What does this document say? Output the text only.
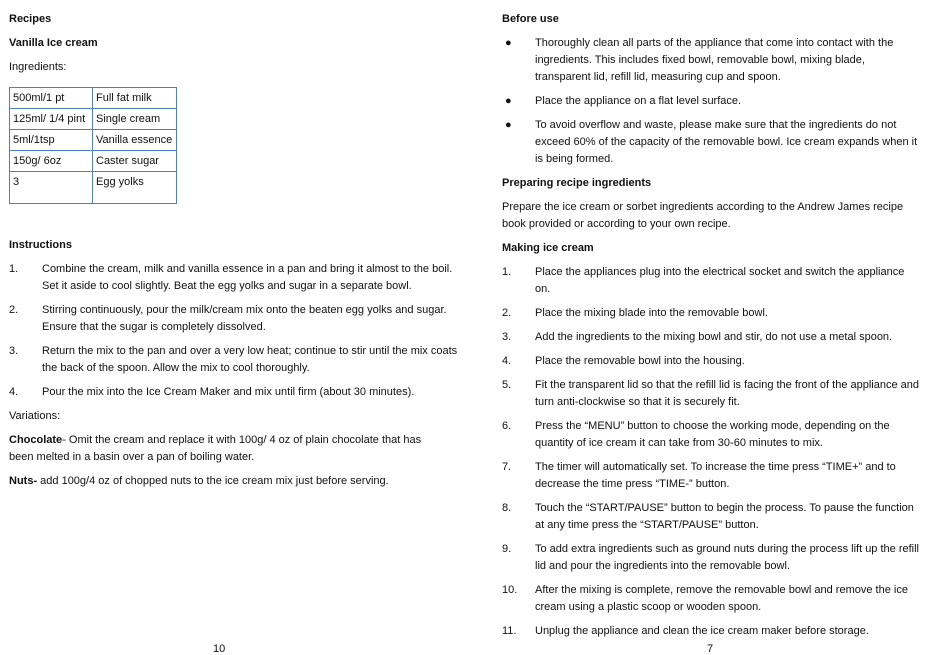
Recipes

Vanilla Ice cream

Ingredients:

500ml/1 pt	Full fat milk
125ml/ 1/4 pint	Single cream
5ml/1tsp	Vanilla essence
150g/ 6oz	Caster sugar
3	Egg yolks

Instructions

1. Combine the cream, milk and vanilla essence in a pan and bring it almost to the boil. Set it aside to cool slightly. Beat the egg yolks and sugar in a separate bowl.
2. Stirring continuously, pour the milk/cream mix onto the beaten egg yolks and sugar. Ensure that the sugar is completely dissolved.
3. Return the mix to the pan and over a very low heat; continue to stir until the mix coats the back of the spoon. Allow the mix to cool thoroughly.
4. Pour the mix into the Ice Cream Maker and mix until firm (about 30 minutes).

Variations:

Chocolate- Omit the cream and replace it with 100g/ 4 oz of plain chocolate that has been melted in a basin over a pan of boiling water.

Nuts- add 100g/4 oz of chopped nuts to the ice cream mix just before serving.

10

Before use

● Thoroughly clean all parts of the appliance that come into contact with the ingredients. This includes fixed bowl, removable bowl, mixing blade, transparent lid, refill lid, measuring cup and spoon.
● Place the appliance on a flat level surface.
● To avoid overflow and waste, please make sure that the ingredients do not exceed 60% of the capacity of the removable bowl. Ice cream expands when it is being formed.

Preparing recipe ingredients

Prepare the ice cream or sorbet ingredients according to the Andrew James recipe book provided or according to your own recipe.

Making ice cream

1. Place the appliances plug into the electrical socket and switch the appliance on.
2. Place the mixing blade into the removable bowl.
3. Add the ingredients to the mixing bowl and stir, do not use a metal spoon.
4. Place the removable bowl into the housing.
5. Fit the transparent lid so that the refill lid is facing the front of the appliance and turn anti-clockwise so that it is securely fit.
6. Press the “MENU” button to choose the working mode, depending on the quantity of ice cream it can take from 30-60 minutes to mix.
7. The timer will automatically set. To increase the time press “TIME+” and to decrease the time press “TIME-” button.
8. Touch the “START/PAUSE” button to begin the process. To pause the function at any time press the “START/PAUSE” button.
9. To add extra ingredients such as ground nuts during the process lift up the refill lid and pour the ingredients into the removable bowl.
10. After the mixing is complete, remove the removable bowl and remove the ice cream using a plastic scoop or wooden spoon.
11. Unplug the appliance and clean the ice cream maker before storage.
7
